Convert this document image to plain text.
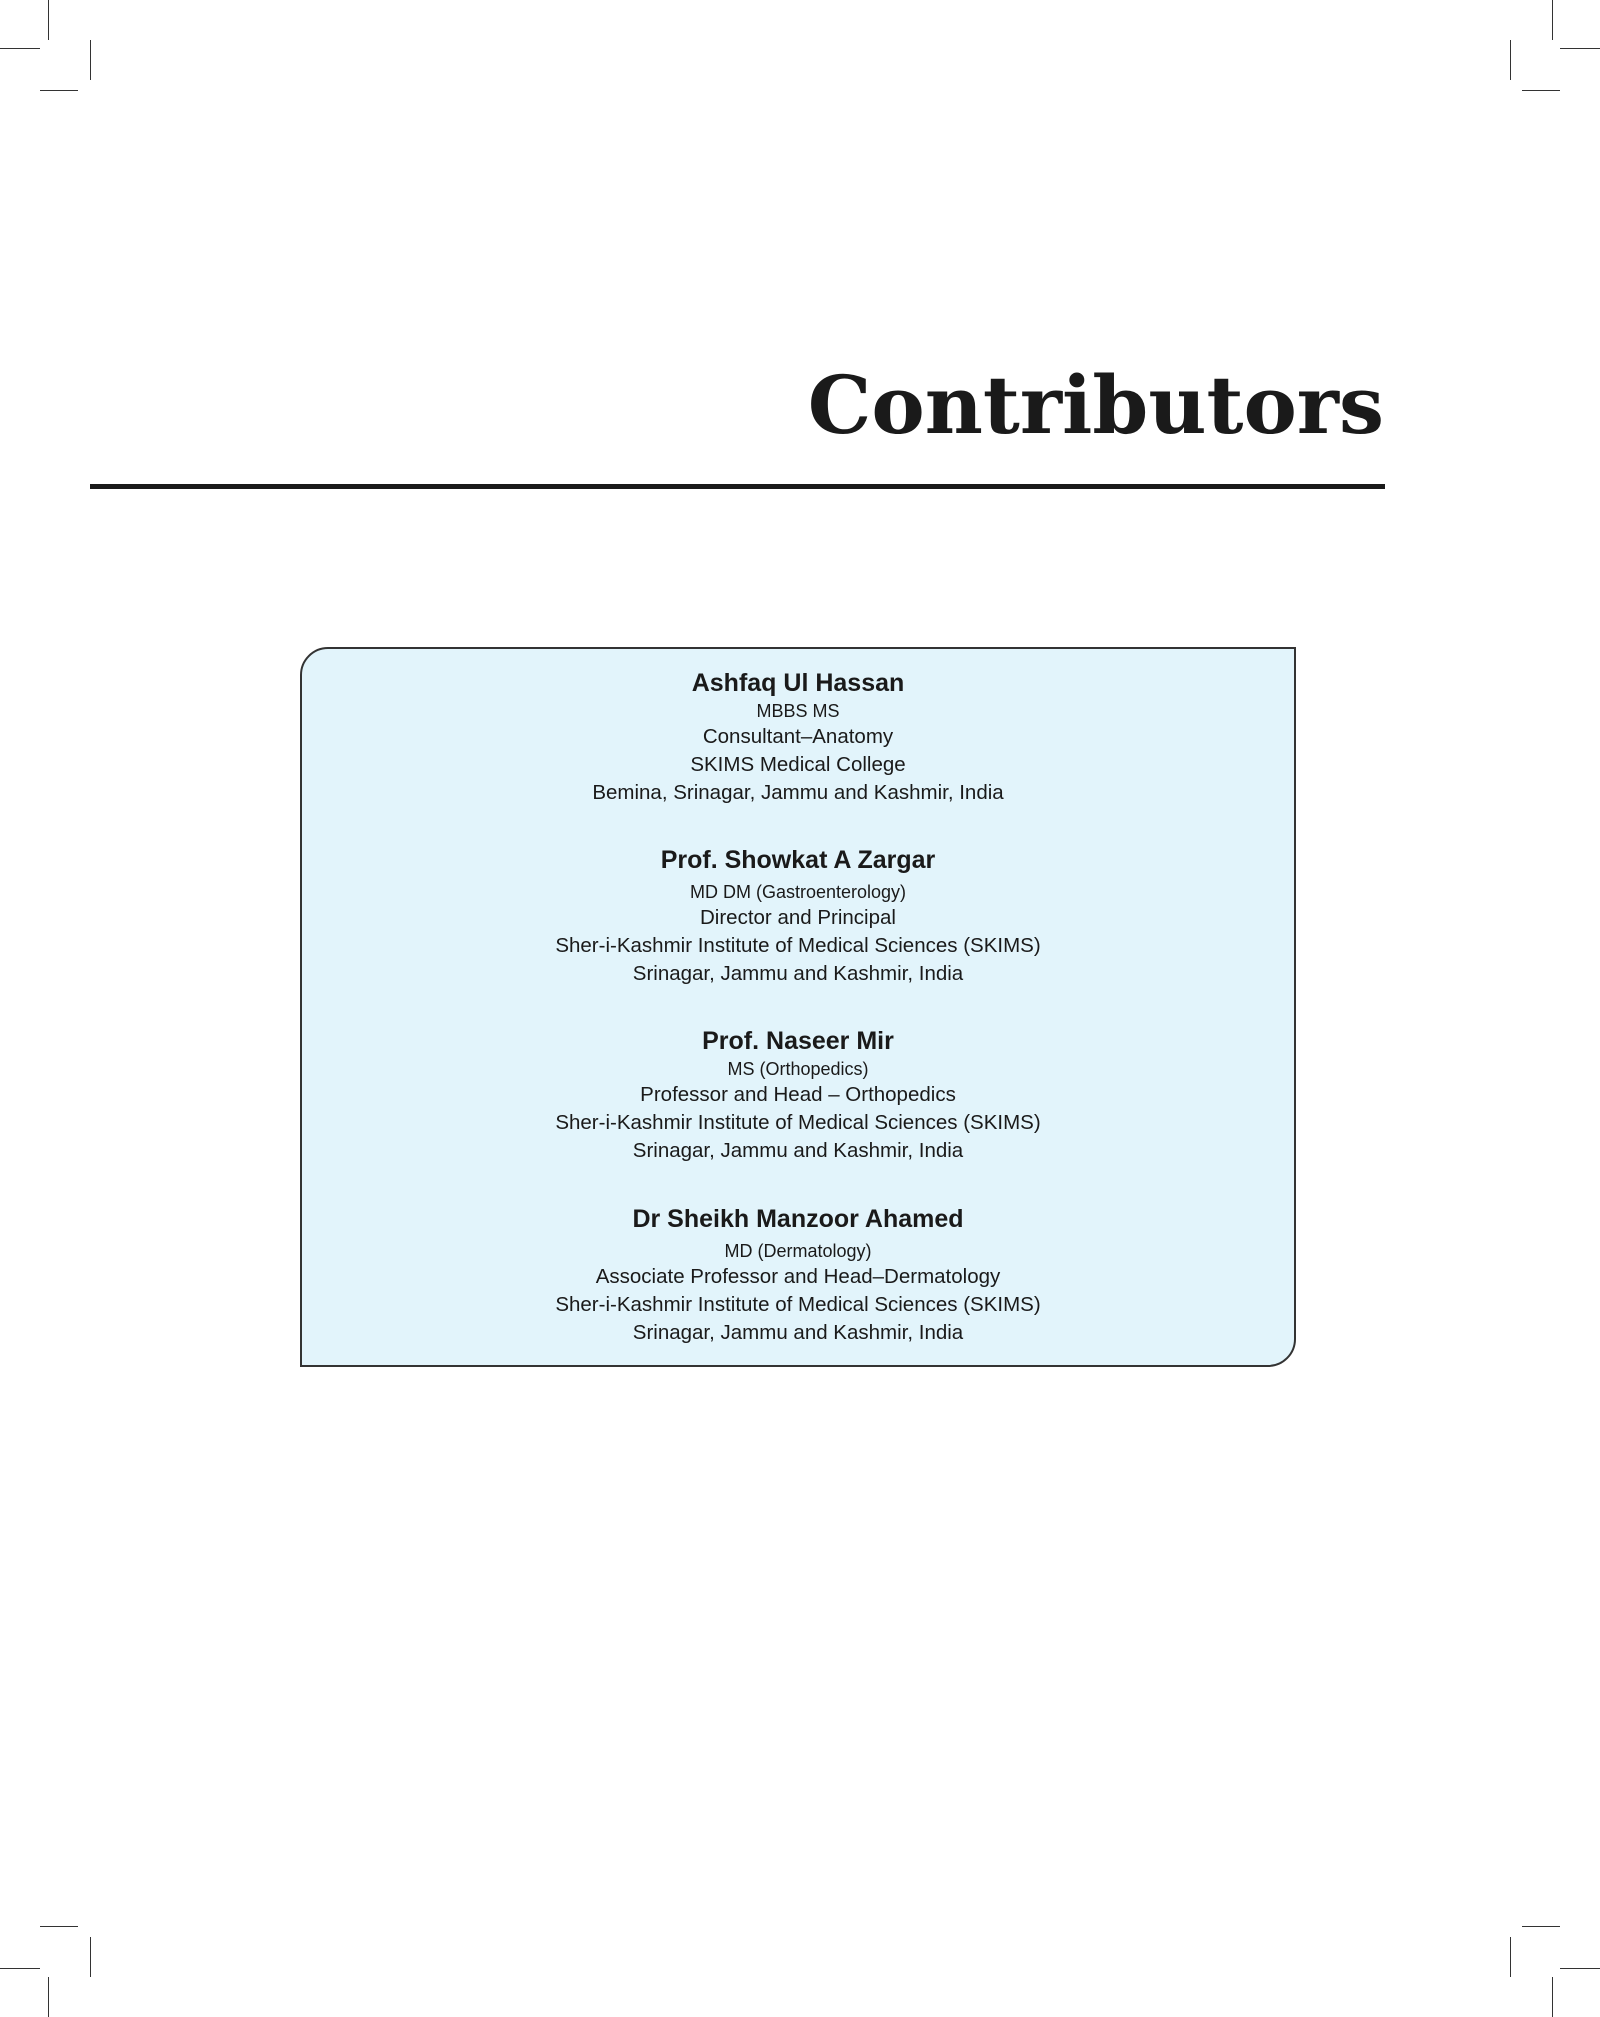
Contributors
Ashfaq Ul Hassan
MBBS MS
Consultant–Anatomy
SKIMS Medical College
Bemina, Srinagar, Jammu and Kashmir, India
Prof. Showkat A Zargar
MD DM (Gastroenterology)
Director and Principal
Sher-i-Kashmir Institute of Medical Sciences (SKIMS)
Srinagar, Jammu and Kashmir, India
Prof. Naseer Mir
MS (Orthopedics)
Professor and Head – Orthopedics
Sher-i-Kashmir Institute of Medical Sciences (SKIMS)
Srinagar, Jammu and Kashmir, India
Dr Sheikh Manzoor Ahamed
MD (Dermatology)
Associate Professor and Head–Dermatology
Sher-i-Kashmir Institute of Medical Sciences (SKIMS)
Srinagar, Jammu and Kashmir, India
